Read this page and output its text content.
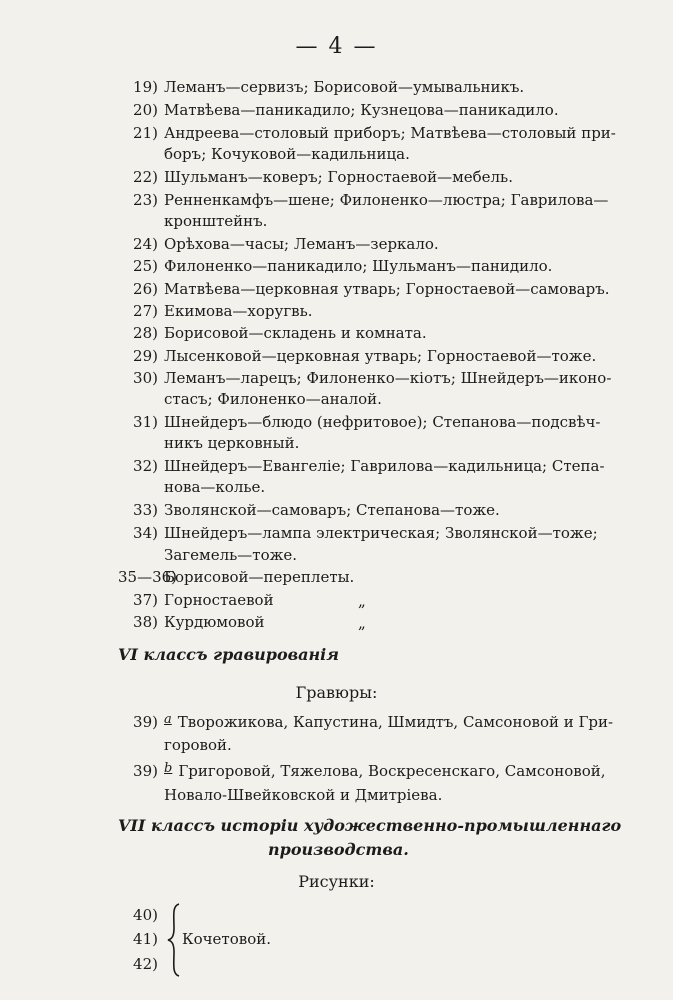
— 4 —
19) Леманъ—сервизъ; Борисовой—умывальникъ.
20) Матвѣева—паникадило; Кузнецова—паникадило.
21) Андреева—столовый приборъ; Матвѣева—столовый при-
боръ; Кочуковой—кадильница.
22) Шульманъ—коверъ; Горностаевой—мебель.
23) Ренненкамфъ—шене; Филоненко—люстра; Гаврилова—
кронштейнъ.
24) Орѣхова—часы; Леманъ—зеркало.
25) Филоненко—паникадило; Шульманъ—панидило.
26) Матвѣева—церковная утварь; Горностаевой—самоваръ.
27) Екимова—хоругвь.
28) Борисовой—складень и комната.
29) Лысенковой—церковная утварь; Горностаевой—тоже.
30) Леманъ—ларецъ; Филоненко—кіотъ; Шнейдеръ—иконо-
стасъ; Филоненко—аналой.
31) Шнейдеръ—блюдо (нефритовое); Степанова—подсвѣч-
никъ церковный.
32) Шнейдеръ—Евангеліе; Гаврилова—кадильница; Степа-
нова—колье.
33) Зволянской—самоваръ; Степанова—тоже.
34) Шнейдеръ—лампа электрическая; Зволянской—тоже;
Загемель—тоже.
35—36)Борисовой—переплеты.
37) Горностаевой
38) Курдюмовой
„
„
VI классъ гравированія
Гравюры:
39) a Творожикова, Капустина, Шмидтъ, Самсоновой и Гри-
горовой.
39) b Григоровой, Тяжелова, Воскресенскаго, Самсоновой,
Новало-Швейковской и Дмитріева.
VII классъ исторіи художественно-промышленнаго
производства.
Рисунки:
40)
41) Кочетовой.
42)
